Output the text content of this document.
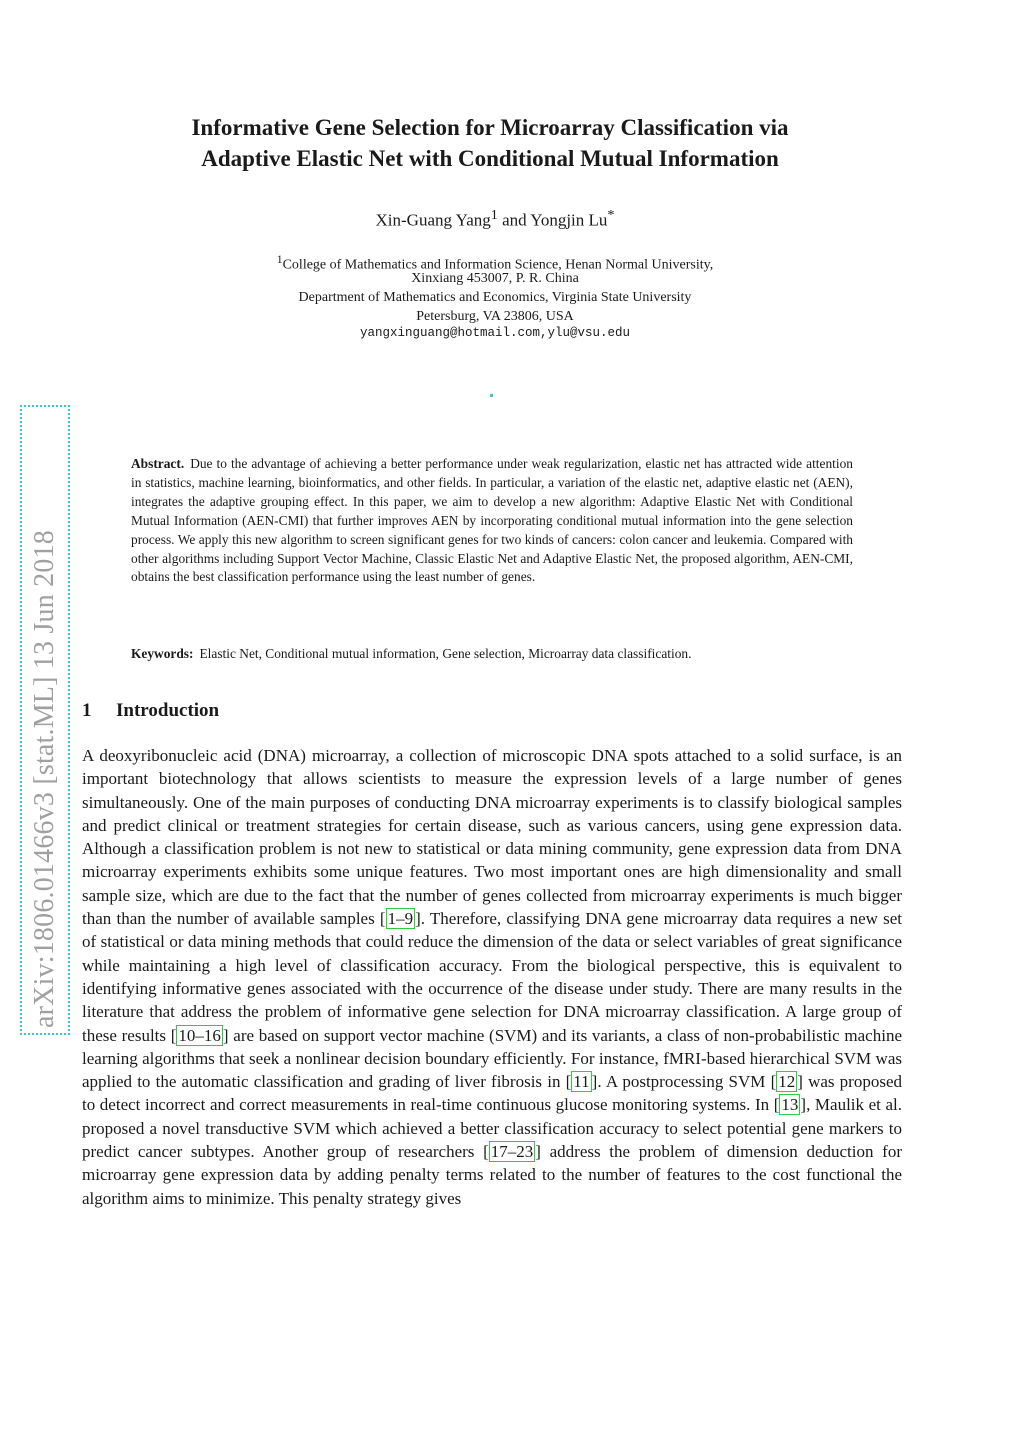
arXiv:1806.01466v3 [stat.ML] 13 Jun 2018
Informative Gene Selection for Microarray Classification via
Adaptive Elastic Net with Conditional Mutual Information
Xin-Guang Yang$^1$ and Yongjin Lu*
$^1$College of Mathematics and Information Science, Henan Normal University,
Xinxiang 453007, P. R. China
Department of Mathematics and Economics, Virginia State University
Petersburg, VA 23806, USA
yangxinguang@hotmail.com,ylu@vsu.edu
Abstract. Due to the advantage of achieving a better performance under weak regularization, elastic net has attracted wide attention in statistics, machine learning, bioinformatics, and other fields. In particular, a variation of the elastic net, adaptive elastic net (AEN), integrates the adaptive grouping effect. In this paper, we aim to develop a new algorithm: Adaptive Elastic Net with Conditional Mutual Information (AEN-CMI) that further improves AEN by incorporating conditional mutual information into the gene selection process. We apply this new algorithm to screen significant genes for two kinds of cancers: colon cancer and leukemia. Compared with other algorithms including Support Vector Machine, Classic Elastic Net and Adaptive Elastic Net, the proposed algorithm, AEN-CMI, obtains the best classification performance using the least number of genes.
Keywords: Elastic Net, Conditional mutual information, Gene selection, Microarray data classification.
1 Introduction
A deoxyribonucleic acid (DNA) microarray, a collection of microscopic DNA spots attached to a solid surface, is an important biotechnology that allows scientists to measure the expression levels of a large number of genes simultaneously. One of the main purposes of conducting DNA microarray experiments is to classify biological samples and predict clinical or treatment strategies for certain disease, such as various cancers, using gene expression data. Although a classification problem is not new to statistical or data mining community, gene expression data from DNA microarray experiments exhibits some unique features. Two most important ones are high dimensionality and small sample size, which are due to the fact that the number of genes collected from microarray experiments is much bigger than than the number of available samples [ 1–9 ]. Therefore, classifying DNA gene microarray data requires a new set of statistical or data mining methods that could reduce the dimension of the data or select variables of great significance while maintaining a high level of classification accuracy. From the biological perspective, this is equivalent to identifying informative genes associated with the occurrence of the disease under study. There are many results in the literature that address the problem of informative gene selection for DNA microarray classification. A large group of these results [ 10–16 ] are based on support vector machine (SVM) and its variants, a class of non-probabilistic machine learning algorithms that seek a nonlinear decision boundary efficiently. For instance, fMRI-based hierarchical SVM was applied to the automatic classification and grading of liver fibrosis in [ 11 ]. A postprocessing SVM [ 12 ] was proposed to detect incorrect and correct measurements in real-time continuous glucose monitoring systems. In [ 13 ], Maulik et al. proposed a novel transductive SVM which achieved a better classification accuracy to select potential gene markers to predict cancer subtypes. Another group of researchers [ 17–23 ] address the problem of dimension deduction for microarray gene expression data by adding penalty terms related to the number of features to the cost functional the algorithm aims to minimize. This penalty strategy gives
